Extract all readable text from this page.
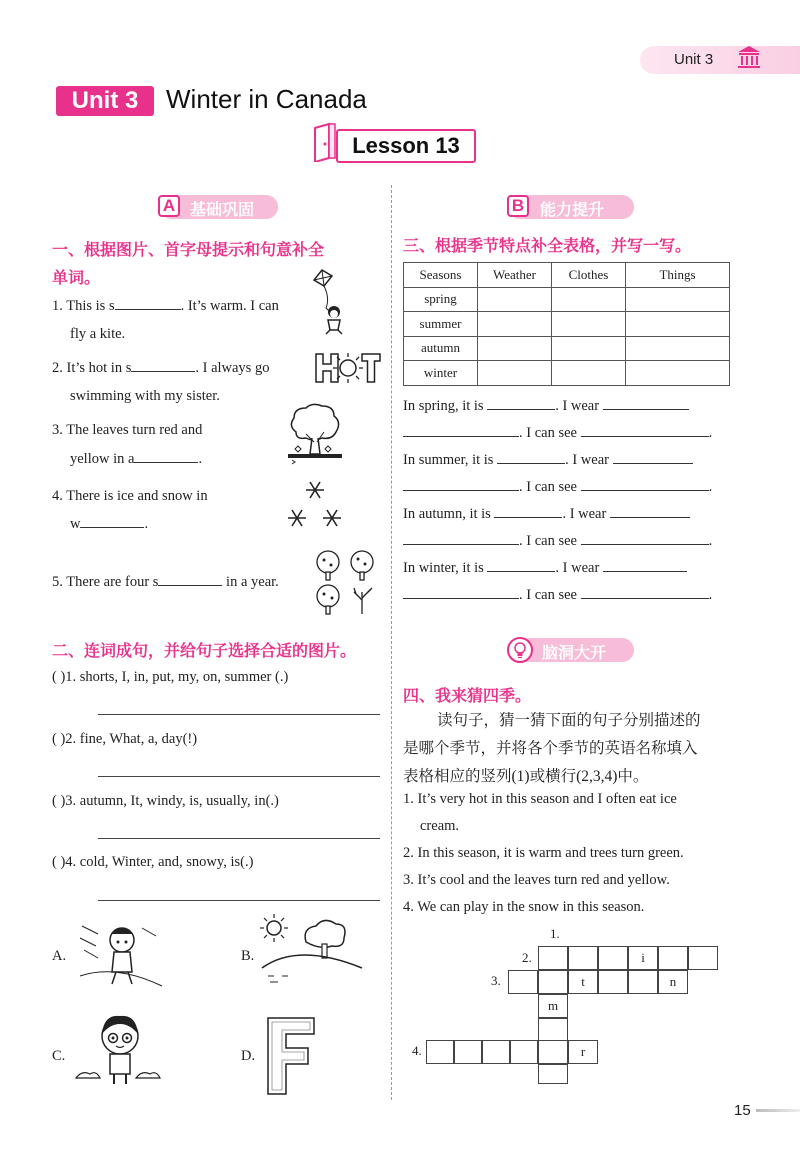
Unit 3
Unit 3	Winter in Canada
Lesson 13
A 基础巩固
一、根据图片、首字母提示和句意补全
单词。
1. This is s	. It’s warm. I can
fly a kite.
2. It’s hot in s	. I always go
swimming with my sister.
3. The leaves turn red and
yellow in a	.
4. There is ice and snow in
w	.
5. There are four s	in a year.
二、连词成句，并给句子选择合适的图片。
( )1. shorts, I, in, put, my, on, summer (.)
( )2. fine, What, a, day(!)
( )3. autumn, It, windy, is, usually, in(.)
( )4. cold, Winter, and, snowy, is(.)
A.	B.
C.	D.
B 能力提升
三、根据季节特点补全表格，并写一写。
Seasons	Weather	Clothes	Things
spring			
summer			
autumn			
winter			
In spring, it is	. I wear
. I can see	.
In summer, it is	. I wear
. I can see	.
In autumn, it is	. I wear
. I can see	.
In winter, it is	. I wear
. I can see	.
脑洞大开
四、我来猜四季。
读句子，猜一猜下面的句子分别描述的
是哪个季节，并将各个季节的英语名称填入
表格相应的竖列(1)或横行(2,3,4)中。
1. It’s very hot in this season and I often eat ice
cream.
2. In this season, it is warm and trees turn green.
3. It’s cool and the leaves turn red and yellow.
4. We can play in the snow in this season.
1.
2.
3.
4.
i
t	n
m
r
15
